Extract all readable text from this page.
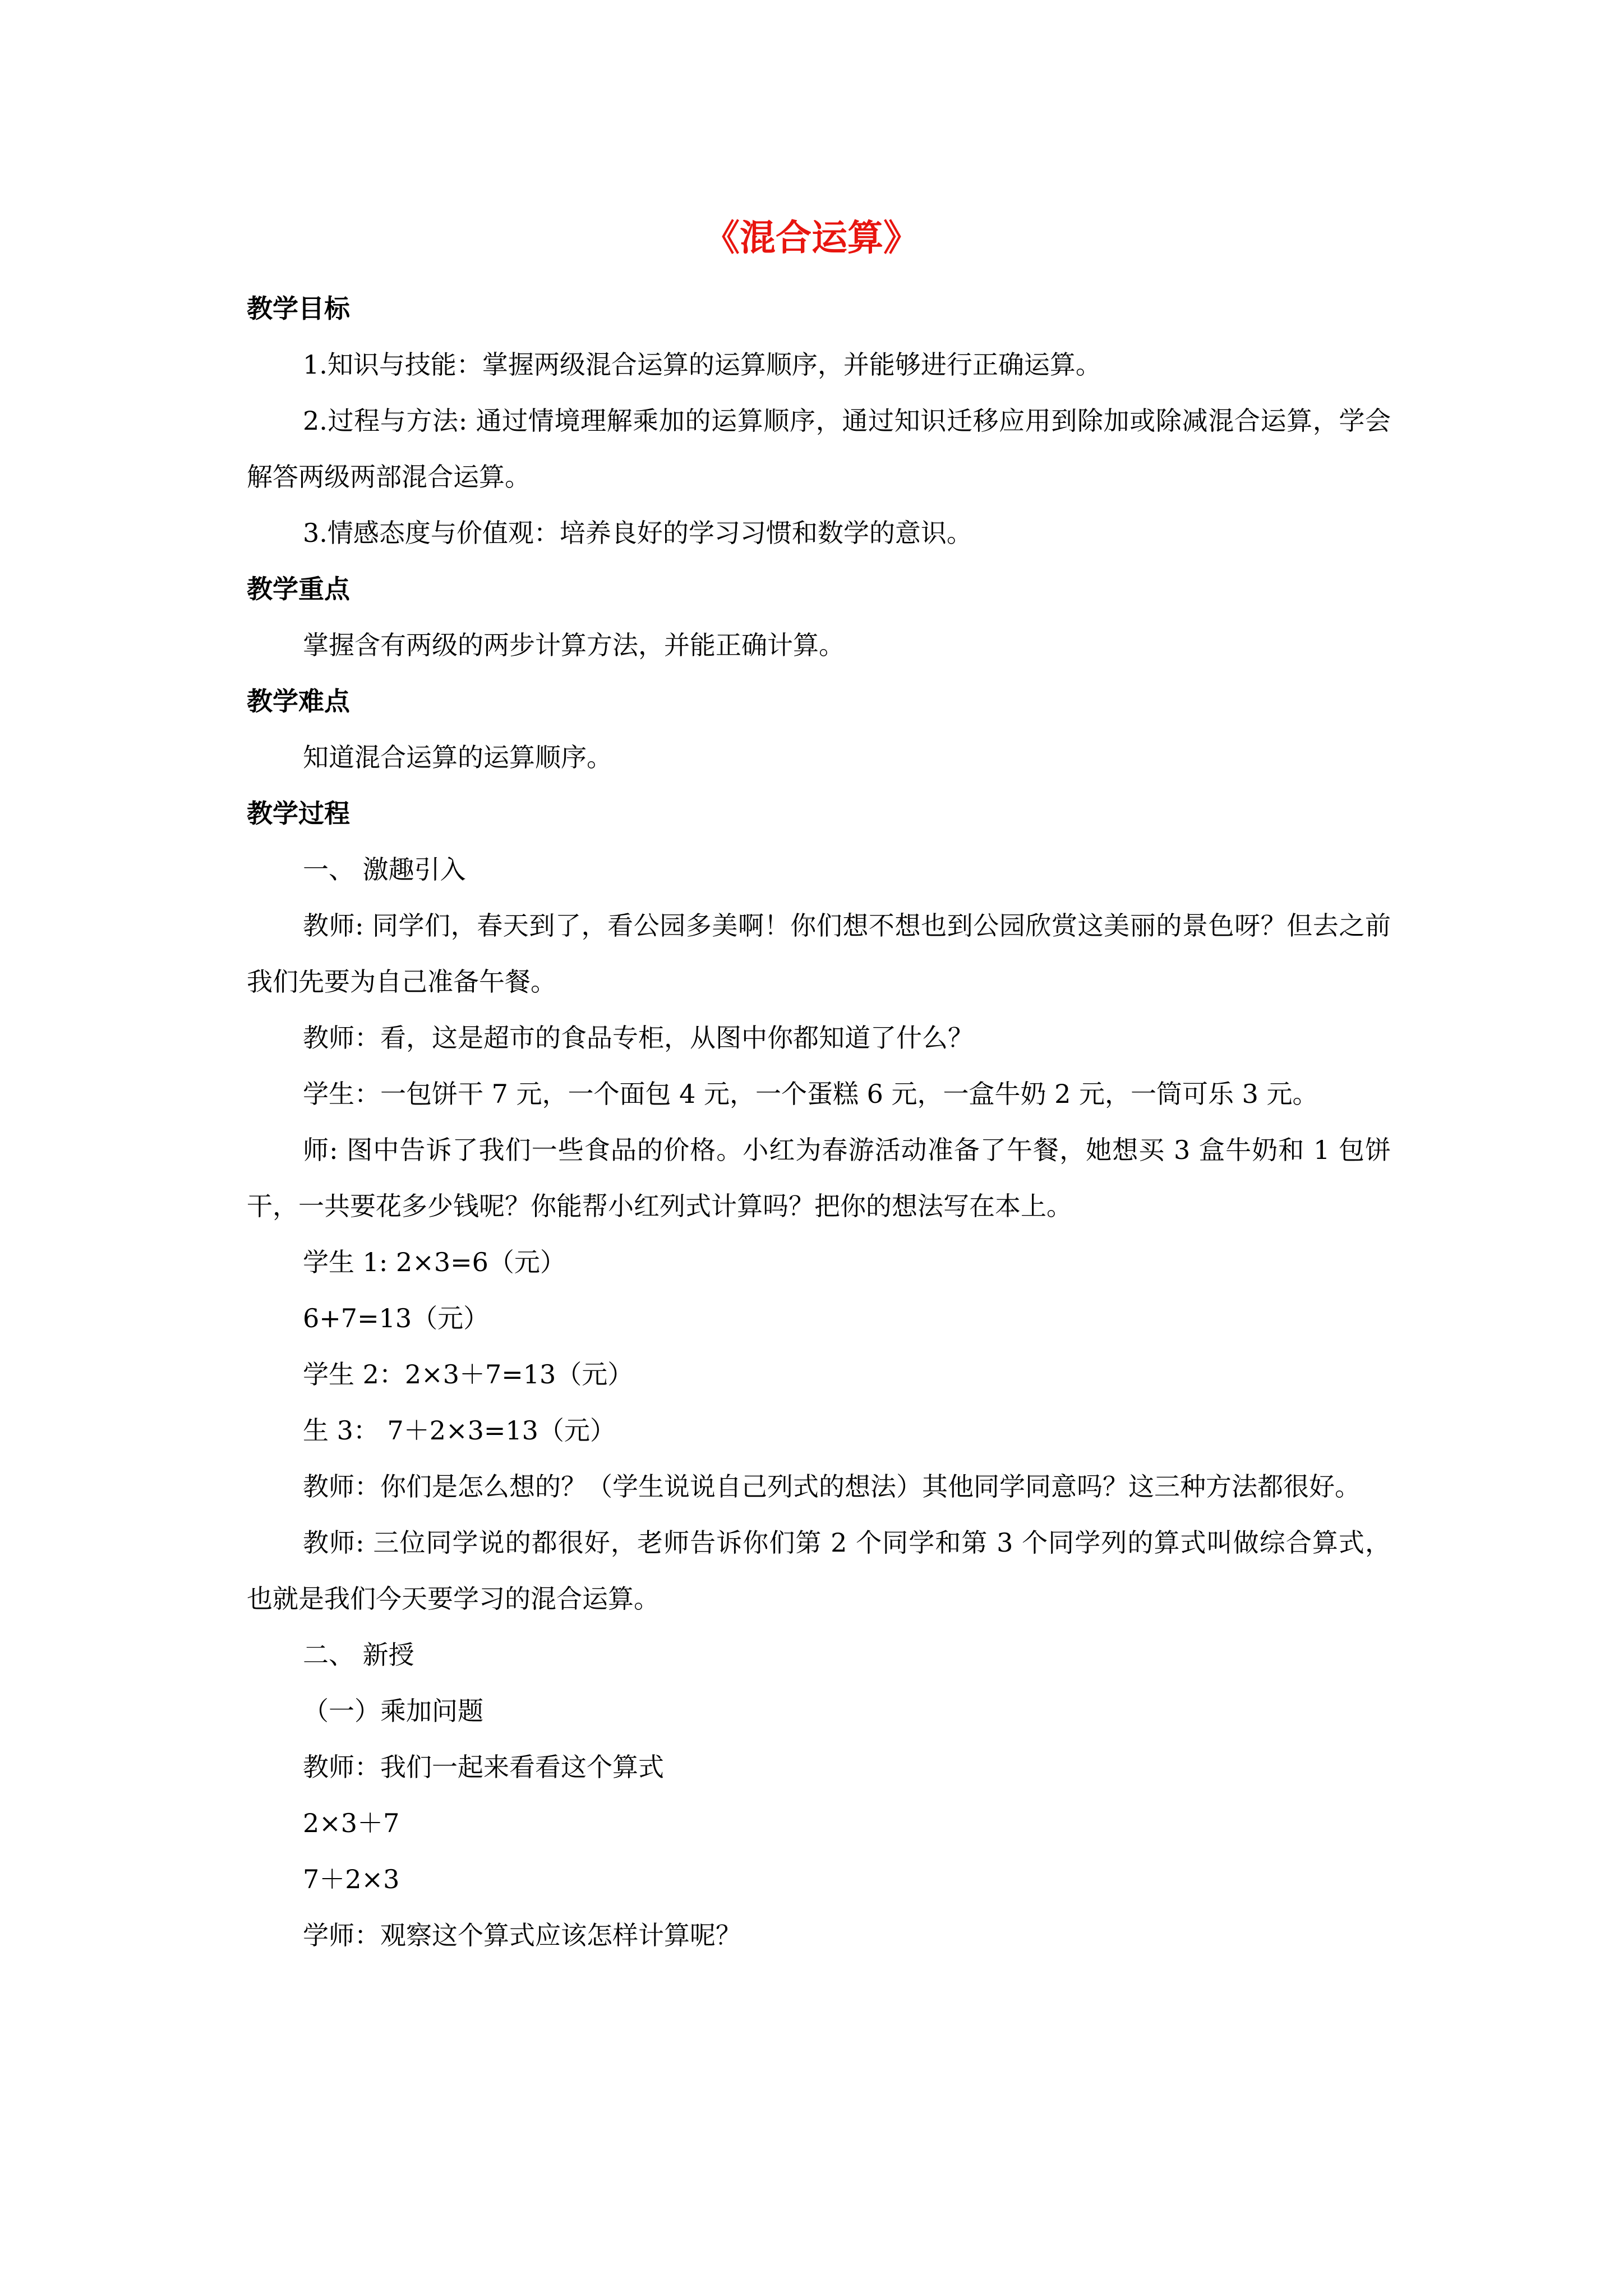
《混合运算》

教学目标

1.知识与技能：掌握两级混合运算的运算顺序，并能够进行正确运算。

2.过程与方法: 通过情境理解乘加的运算顺序，通过知识迁移应用到除加或除减混合运算，学会解答两级两部混合运算。

3.情感态度与价值观：培养良好的学习习惯和数学的意识。

教学重点

掌握含有两级的两步计算方法，并能正确计算。

教学难点

知道混合运算的运算顺序。

教学过程

一、 激趣引入

教师: 同学们，春天到了，看公园多美啊！你们想不想也到公园欣赏这美丽的景色呀？但去之前我们先要为自己准备午餐。

教师：看，这是超市的食品专柜，从图中你都知道了什么？

学生：一包饼干 7 元，一个面包 4 元，一个蛋糕 6 元，一盒牛奶 2 元，一筒可乐 3 元。

师: 图中告诉了我们一些食品的价格。小红为春游活动准备了午餐，她想买 3 盒牛奶和 1 包饼干，一共要花多少钱呢？你能帮小红列式计算吗？把你的想法写在本上。

学生 1: 2×3=6（元）

6+7=13（元）

学生 2：2×3＋7=13（元）

生 3： 7＋2×3=13（元）

教师：你们是怎么想的？（学生说说自己列式的想法）其他同学同意吗？这三种方法都很好。

教师: 三位同学说的都很好，老师告诉你们第 2 个同学和第 3 个同学列的算式叫做综合算式，也就是我们今天要学习的混合运算。

二、 新授

（一）乘加问题

教师：我们一起来看看这个算式

2×3＋7

7＋2×3

学师：观察这个算式应该怎样计算呢？
